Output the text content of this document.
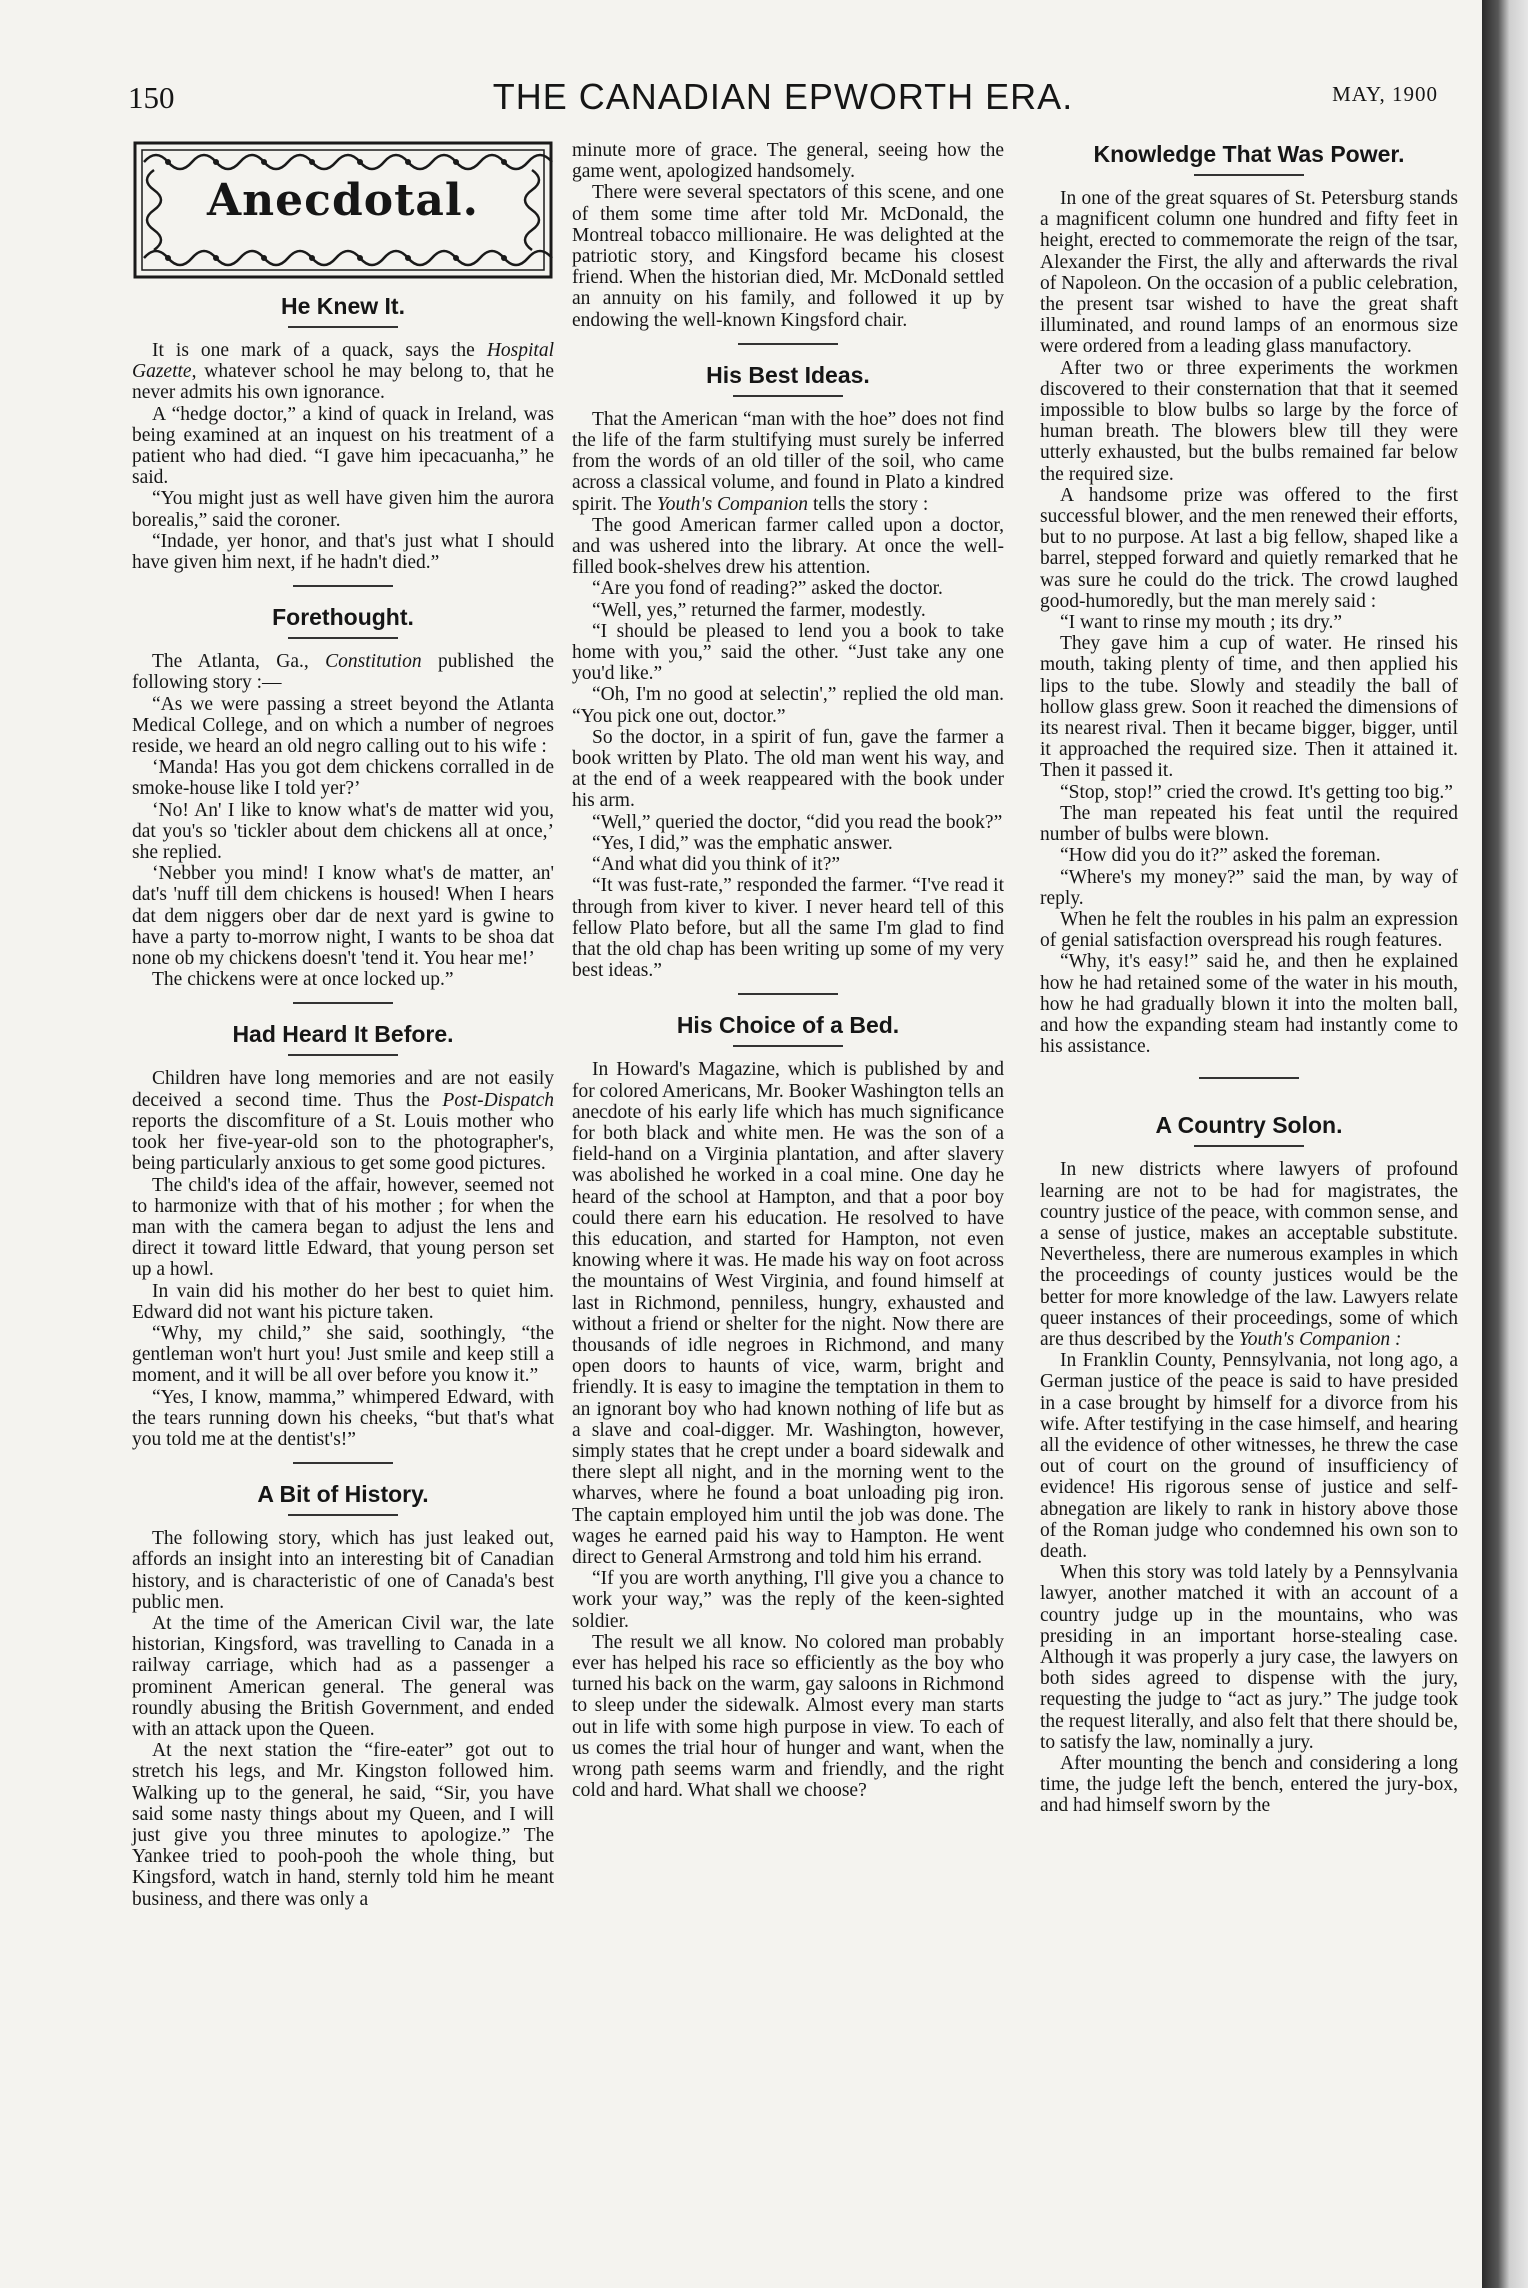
150	THE CANADIAN EPWORTH ERA.	MAY, 1900
Anecdotal.
He Knew It.

It is one mark of a quack, says the Hospital Gazette, whatever school he may belong to, that he never admits his own ignorance.

A “hedge doctor,” a kind of quack in Ireland, was being examined at an inquest on his treatment of a patient who had died. “I gave him ipecacuanha,” he said.

“You might just as well have given him the aurora borealis,” said the coroner.

“Indade, yer honor, and that's just what I should have given him next, if he hadn't died.”

Forethought.

The Atlanta, Ga., Constitution published the following story :—

“As we were passing a street beyond the Atlanta Medical College, and on which a number of negroes reside, we heard an old negro calling out to his wife :

‘Manda! Has you got dem chickens corralled in de smoke-house like I told yer?’

‘No! An' I like to know what's de matter wid you, dat you's so 'tickler about dem chickens all at once,’ she replied.

‘Nebber you mind! I know what's de matter, an' dat's 'nuff till dem chickens is housed! When I hears dat dem niggers ober dar de next yard is gwine to have a party to-morrow night, I wants to be shoa dat none ob my chickens doesn't 'tend it. You hear me!’

The chickens were at once locked up.”

Had Heard It Before.

Children have long memories and are not easily deceived a second time. Thus the Post-Dispatch reports the discomfiture of a St. Louis mother who took her five-year-old son to the photographer's, being particularly anxious to get some good pictures.

The child's idea of the affair, however, seemed not to harmonize with that of his mother ; for when the man with the camera began to adjust the lens and direct it toward little Edward, that young person set up a howl.

In vain did his mother do her best to quiet him. Edward did not want his picture taken.

“Why, my child,” she said, soothingly, “the gentleman won't hurt you! Just smile and keep still a moment, and it will be all over before you know it.”

“Yes, I know, mamma,” whimpered Edward, with the tears running down his cheeks, “but that's what you told me at the dentist's!”

A Bit of History.

The following story, which has just leaked out, affords an insight into an interesting bit of Canadian history, and is characteristic of one of Canada's best public men.

At the time of the American Civil war, the late historian, Kingsford, was travelling to Canada in a railway carriage, which had as a passenger a prominent American general. The general was roundly abusing the British Government, and ended with an attack upon the Queen.

At the next station the “fire-eater” got out to stretch his legs, and Mr. Kingston followed him. Walking up to the general, he said, “Sir, you have said some nasty things about my Queen, and I will just give you three minutes to apologize.” The Yankee tried to pooh-pooh the whole thing, but Kingsford, watch in hand, sternly told him he meant business, and there was only a

minute more of grace. The general, seeing how the game went, apologized handsomely.

There were several spectators of this scene, and one of them some time after told Mr. McDonald, the Montreal tobacco millionaire. He was delighted at the patriotic story, and Kingsford became his closest friend. When the historian died, Mr. McDonald settled an annuity on his family, and followed it up by endowing the well-known Kingsford chair.

His Best Ideas.

That the American “man with the hoe” does not find the life of the farm stultifying must surely be inferred from the words of an old tiller of the soil, who came across a classical volume, and found in Plato a kindred spirit. The Youth's Companion tells the story :

The good American farmer called upon a doctor, and was ushered into the library. At once the well-filled book-shelves drew his attention.

“Are you fond of reading?” asked the doctor.

“Well, yes,” returned the farmer, modestly.

“I should be pleased to lend you a book to take home with you,” said the other. “Just take any one you'd like.”

“Oh, I'm no good at selectin',” replied the old man. “You pick one out, doctor.”

So the doctor, in a spirit of fun, gave the farmer a book written by Plato. The old man went his way, and at the end of a week reappeared with the book under his arm.

“Well,” queried the doctor, “did you read the book?”

“Yes, I did,” was the emphatic answer.

“And what did you think of it?”

“It was fust-rate,” responded the farmer. “I've read it through from kiver to kiver. I never heard tell of this fellow Plato before, but all the same I'm glad to find that the old chap has been writing up some of my very best ideas.”

His Choice of a Bed.

In Howard's Magazine, which is published by and for colored Americans, Mr. Booker Washington tells an anecdote of his early life which has much significance for both black and white men. He was the son of a field-hand on a Virginia plantation, and after slavery was abolished he worked in a coal mine. One day he heard of the school at Hampton, and that a poor boy could there earn his education. He resolved to have this education, and started for Hampton, not even knowing where it was. He made his way on foot across the mountains of West Virginia, and found himself at last in Richmond, penniless, hungry, exhausted and without a friend or shelter for the night. Now there are thousands of idle negroes in Richmond, and many open doors to haunts of vice, warm, bright and friendly. It is easy to imagine the temptation in them to an ignorant boy who had known nothing of life but as a slave and coal-digger. Mr. Washington, however, simply states that he crept under a board sidewalk and there slept all night, and in the morning went to the wharves, where he found a boat unloading pig iron. The captain employed him until the job was done. The wages he earned paid his way to Hampton. He went direct to General Armstrong and told him his errand.

“If you are worth anything, I'll give you a chance to work your way,” was the reply of the keen-sighted soldier.

The result we all know. No colored man probably ever has helped his race so efficiently as the boy who turned his back on the warm, gay saloons in Richmond to sleep under the sidewalk. Almost every man starts out in life with some high purpose in view. To each of us comes the trial hour of hunger and want, when the wrong path seems warm and friendly, and the right cold and hard. What shall we choose?

Knowledge That Was Power.

In one of the great squares of St. Petersburg stands a magnificent column one hundred and fifty feet in height, erected to commemorate the reign of the tsar, Alexander the First, the ally and afterwards the rival of Napoleon. On the occasion of a public celebration, the present tsar wished to have the great shaft illuminated, and round lamps of an enormous size were ordered from a leading glass manufactory.

After two or three experiments the workmen discovered to their consternation that that it seemed impossible to blow bulbs so large by the force of human breath. The blowers blew till they were utterly exhausted, but the bulbs remained far below the required size.

A handsome prize was offered to the first successful blower, and the men renewed their efforts, but to no purpose. At last a big fellow, shaped like a barrel, stepped forward and quietly remarked that he was sure he could do the trick. The crowd laughed good-humoredly, but the man merely said :

“I want to rinse my mouth ; its dry.”

They gave him a cup of water. He rinsed his mouth, taking plenty of time, and then applied his lips to the tube. Slowly and steadily the ball of hollow glass grew. Soon it reached the dimensions of its nearest rival. Then it became bigger, bigger, until it approached the required size. Then it attained it. Then it passed it.

“Stop, stop!” cried the crowd. It's getting too big.”

The man repeated his feat until the required number of bulbs were blown.

“How did you do it?” asked the foreman.

“Where's my money?” said the man, by way of reply.

When he felt the roubles in his palm an expression of genial satisfaction overspread his rough features.

“Why, it's easy!” said he, and then he explained how he had retained some of the water in his mouth, how he had gradually blown it into the molten ball, and how the expanding steam had instantly come to his assistance.

A Country Solon.

In new districts where lawyers of profound learning are not to be had for magistrates, the country justice of the peace, with common sense, and a sense of justice, makes an acceptable substitute. Nevertheless, there are numerous examples in which the proceedings of county justices would be the better for more knowledge of the law. Lawyers relate queer instances of their proceedings, some of which are thus described by the Youth's Companion :

In Franklin County, Pennsylvania, not long ago, a German justice of the peace is said to have presided in a case brought by himself for a divorce from his wife. After testifying in the case himself, and hearing all the evidence of other witnesses, he threw the case out of court on the ground of insufficiency of evidence! His rigorous sense of justice and self-abnegation are likely to rank in history above those of the Roman judge who condemned his own son to death.

When this story was told lately by a Pennsylvania lawyer, another matched it with an account of a country judge up in the mountains, who was presiding in an important horse-stealing case. Although it was properly a jury case, the lawyers on both sides agreed to dispense with the jury, requesting the judge to “act as jury.” The judge took the request literally, and also felt that there should be, to satisfy the law, nominally a jury.

After mounting the bench and considering a long time, the judge left the bench, entered the jury-box, and had himself sworn by the
